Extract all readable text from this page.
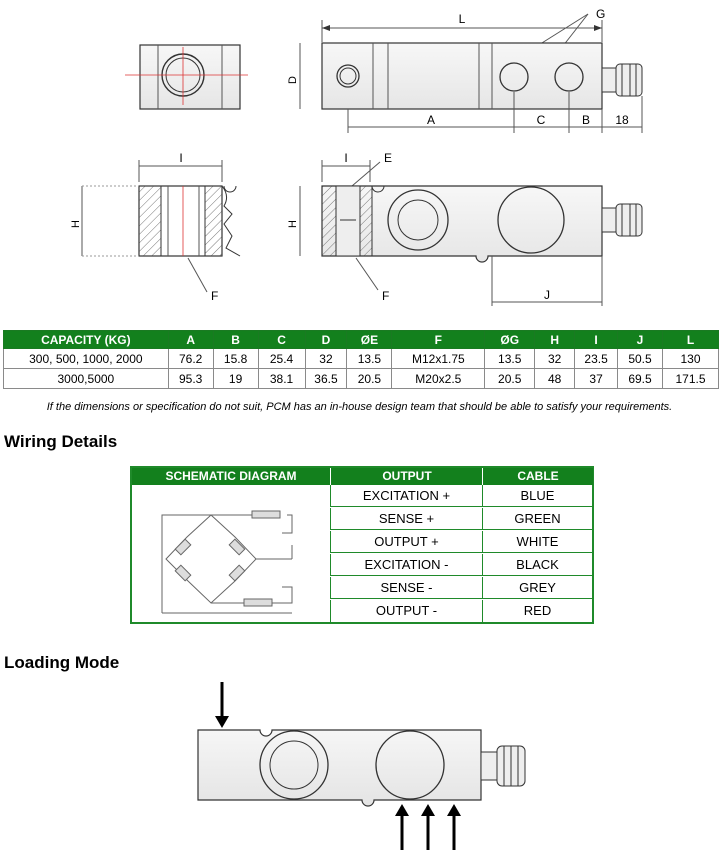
L	G
D
A	C	B 18
I
H
F
I	E
H
F	J
CAPACITY (KG)	A	B	C	D	ØE	F	ØG	H	I	J	L
300, 500, 1000, 2000	76.2	15.8	25.4	32	13.5	M12x1.75	13.5	32	23.5	50.5	130
3000,5000	95.3	19	38.1	36.5	20.5	M20x2.5	20.5	48	37	69.5	171.5
If the dimensions or specification do not suit, PCM has an in-house design team that should be able to satisfy your requirements.
Wiring Details
SCHEMATIC DIAGRAM	OUTPUT	CABLE
EXCITATION +	BLUE
SENSE +	GREEN
OUTPUT +	WHITE
EXCITATION -	BLACK
SENSE -	GREY
OUTPUT -	RED
Loading Mode
